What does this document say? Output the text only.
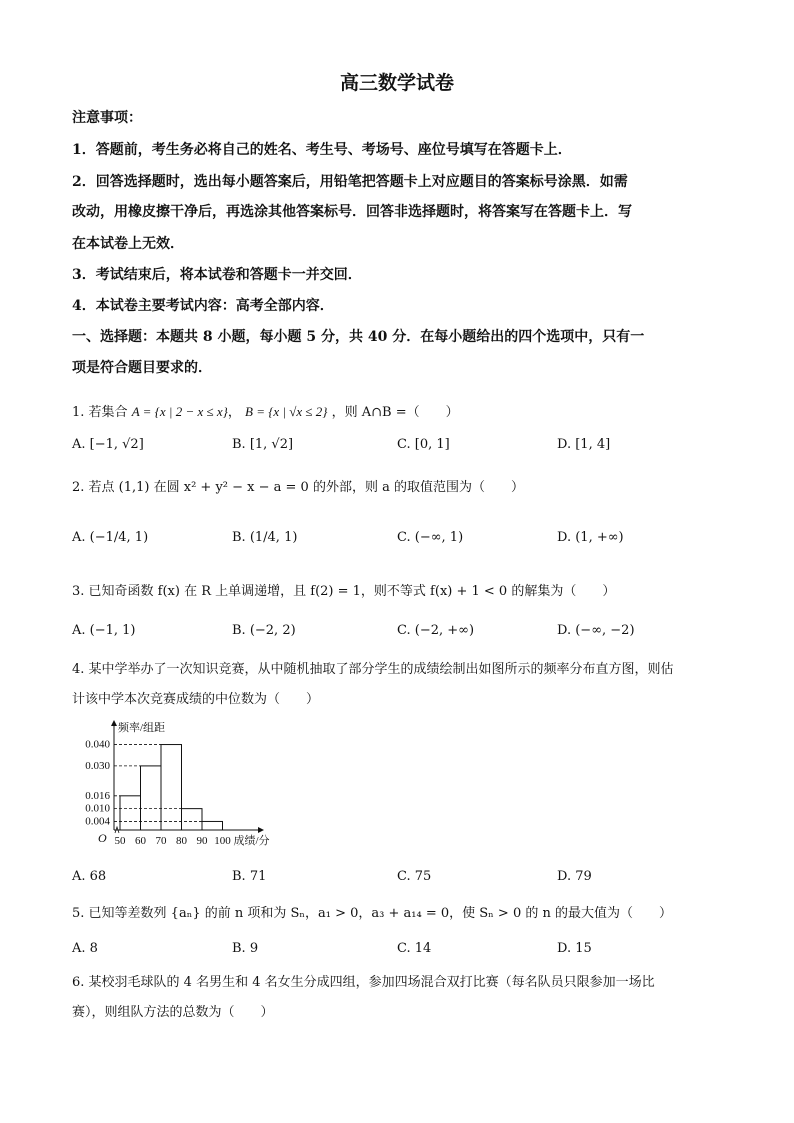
高三数学试卷
注意事项：
1．答题前，考生务必将自己的姓名、考生号、考场号、座位号填写在答题卡上．
2．回答选择题时，选出每小题答案后，用铅笔把答题卡上对应题目的答案标号涂黑．如需
改动，用橡皮擦干净后，再选涂其他答案标号．回答非选择题时，将答案写在答题卡上．写
在本试卷上无效．
3．考试结束后，将本试卷和答题卡一并交回．
4．本试卷主要考试内容：高考全部内容．
一、选择题：本题共 8 小题，每小题 5 分，共 40 分．在每小题给出的四个选项中，只有一
项是符合题目要求的．
1. 若集合 A = {x | 2 − x ≤ x}， B = {x | √x ≤ 2} ，则 A∩B =（　　）
A. [−1, √2]	B. [1, √2]	C. [0, 1]	D. [1, 4]
2. 若点 (1,1) 在圆 x² + y² − x − a = 0 的外部，则 a 的取值范围为（　　）
A. (−1/4, 1)	B. (1/4, 1)	C. (−∞, 1)	D. (1, +∞)
3. 已知奇函数 f(x) 在 R 上单调递增，且 f(2) = 1，则不等式 f(x) + 1 < 0 的解集为（　　）
A. (−1, 1)	B. (−2, 2)	C. (−2, +∞)	D. (−∞, −2)
4. 某中学举办了一次知识竞赛，从中随机抽取了部分学生的成绩绘制出如图所示的频率分布直方图，则估
计该中学本次竞赛成绩的中位数为（　　）
0.040
0.030
0.016
0.010
0.004
50 60 70 80 90 100
频率/组距
成绩/分
O
A. 68	B. 71	C. 75	D. 79
5. 已知等差数列 {aₙ} 的前 n 项和为 Sₙ，a₁ > 0，a₃ + a₁₄ = 0，使 Sₙ > 0 的 n 的最大值为（　　）
A. 8	B. 9	C. 14	D. 15
6. 某校羽毛球队的 4 名男生和 4 名女生分成四组，参加四场混合双打比赛（每名队员只限参加一场比
赛），则组队方法的总数为（　　）
